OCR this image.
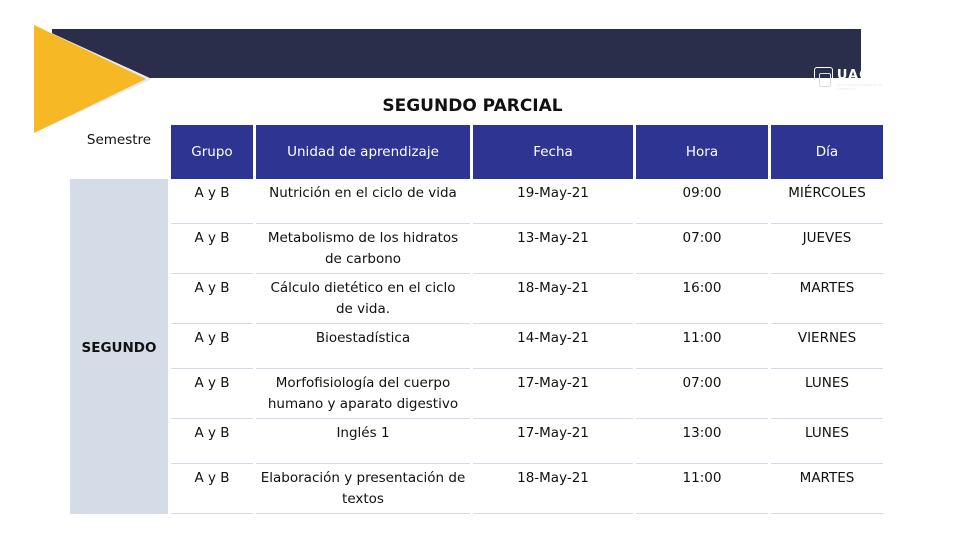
UAC
Universidad Autónoma de Campeche
SEGUNDO PARCIAL
Semestre	Grupo	Unidad de aprendizaje	Fecha	Hora	Día
SEGUNDO	A y B	Nutrición en el ciclo de vida	19-May-21	09:00	MIÉRCOLES
	A y B	Metabolismo de los hidratos de carbono	13-May-21	07:00	JUEVES
	A y B	Cálculo dietético en el ciclo de vida.	18-May-21	16:00	MARTES
	A y B	Bioestadística	14-May-21	11:00	VIERNES
	A y B	Morfofisiología del cuerpo humano y aparato digestivo	17-May-21	07:00	LUNES
	A y B	Inglés 1	17-May-21	13:00	LUNES
	A y B	Elaboración y presentación de textos	18-May-21	11:00	MARTES
